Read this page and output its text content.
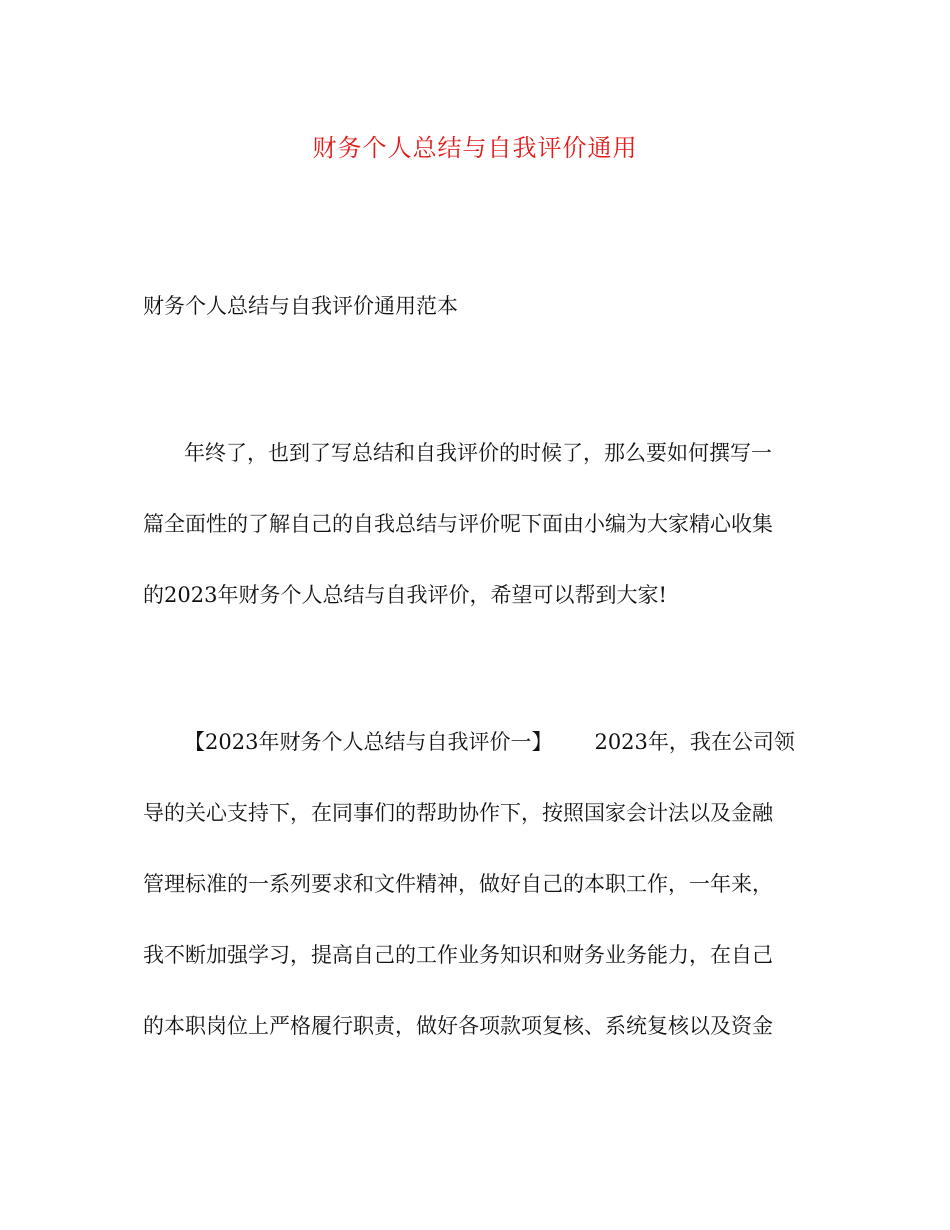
财务个人总结与自我评价通用
财务个人总结与自我评价通用范本
年终了，也到了写总结和自我评价的时候了，那么要如何撰写一
篇全面性的了解自己的自我总结与评价呢下面由小编为大家精心收集
的2023年财务个人总结与自我评价，希望可以帮到大家!
【2023年财务个人总结与自我评价一】 2023年，我在公司领
导的关心支持下，在同事们的帮助协作下，按照国家会计法以及金融
管理标准的一系列要求和文件精神，做好自己的本职工作，一年来，
我不断加强学习，提高自己的工作业务知识和财务业务能力，在自己
的本职岗位上严格履行职责，做好各项款项复核、系统复核以及资金
